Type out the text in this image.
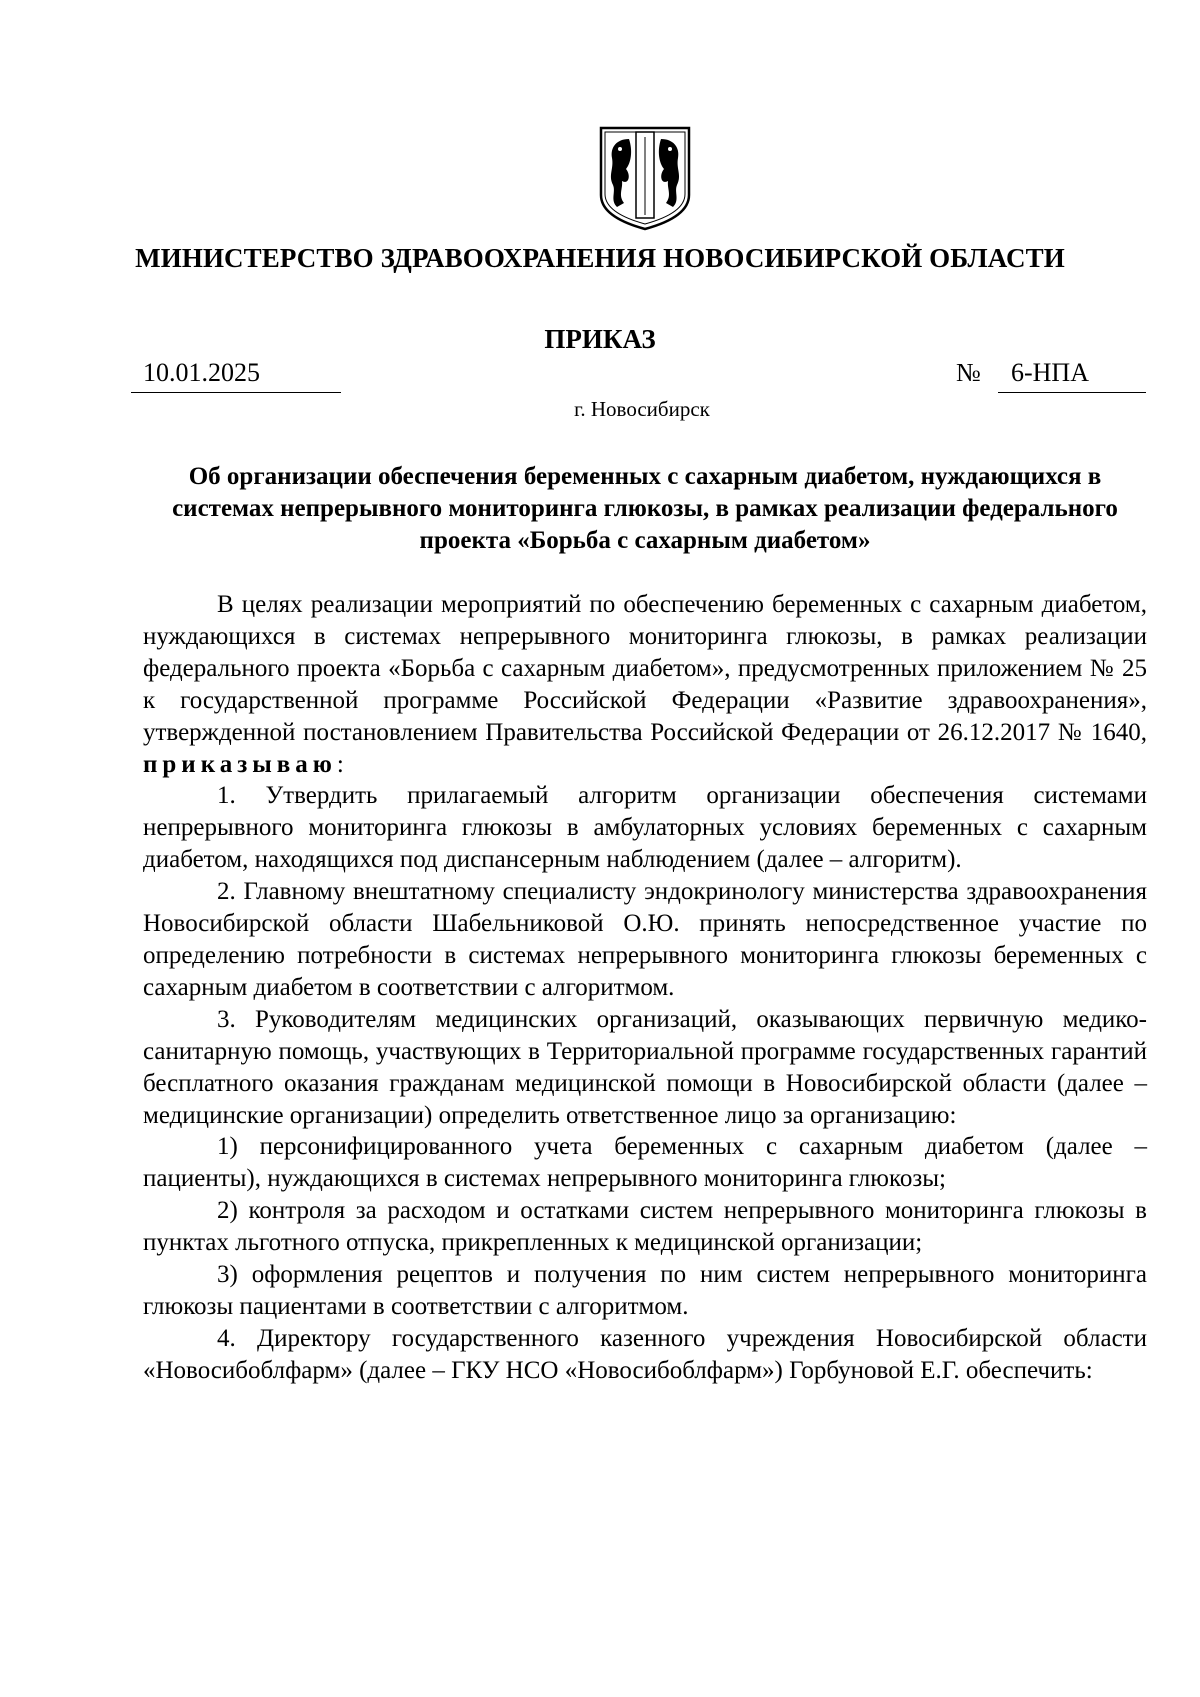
МИНИСТЕРСТВО ЗДРАВООХРАНЕНИЯ НОВОСИБИРСКОЙ ОБЛАСТИ
ПРИКАЗ
10.01.2025	№ 6-НПА
г. Новосибирск
Об организации обеспечения беременных с сахарным диабетом, нуждающихся в системах непрерывного мониторинга глюкозы, в рамках реализации федерального проекта «Борьба с сахарным диабетом»

В целях реализации мероприятий по обеспечению беременных с сахарным диабетом, нуждающихся в системах непрерывного мониторинга глюкозы, в рамках реализации федерального проекта «Борьба с сахарным диабетом», предусмотренных приложением № 25 к государственной программе Российской Федерации «Развитие здравоохранения», утвержденной постановлением Правительства Российской Федерации от 26.12.2017 № 1640, приказываю:

1. Утвердить прилагаемый алгоритм организации обеспечения системами непрерывного мониторинга глюкозы в амбулаторных условиях беременных с сахарным диабетом, находящихся под диспансерным наблюдением (далее – алгоритм).

2. Главному внештатному специалисту эндокринологу министерства здравоохранения Новосибирской области Шабельниковой О.Ю. принять непосредственное участие по определению потребности в системах непрерывного мониторинга глюкозы беременных с сахарным диабетом в соответствии с алгоритмом.

3. Руководителям медицинских организаций, оказывающих первичную медико-санитарную помощь, участвующих в Территориальной программе государственных гарантий бесплатного оказания гражданам медицинской помощи в Новосибирской области (далее – медицинские организации) определить ответственное лицо за организацию:

1) персонифицированного учета беременных с сахарным диабетом (далее – пациенты), нуждающихся в системах непрерывного мониторинга глюкозы;

2) контроля за расходом и остатками систем непрерывного мониторинга глюкозы в пунктах льготного отпуска, прикрепленных к медицинской организации;

3) оформления рецептов и получения по ним систем непрерывного мониторинга глюкозы пациентами в соответствии с алгоритмом.

4. Директору государственного казенного учреждения Новосибирской области «Новосибоблфарм» (далее – ГКУ НСО «Новосибоблфарм») Горбуновой Е.Г. обеспечить:
